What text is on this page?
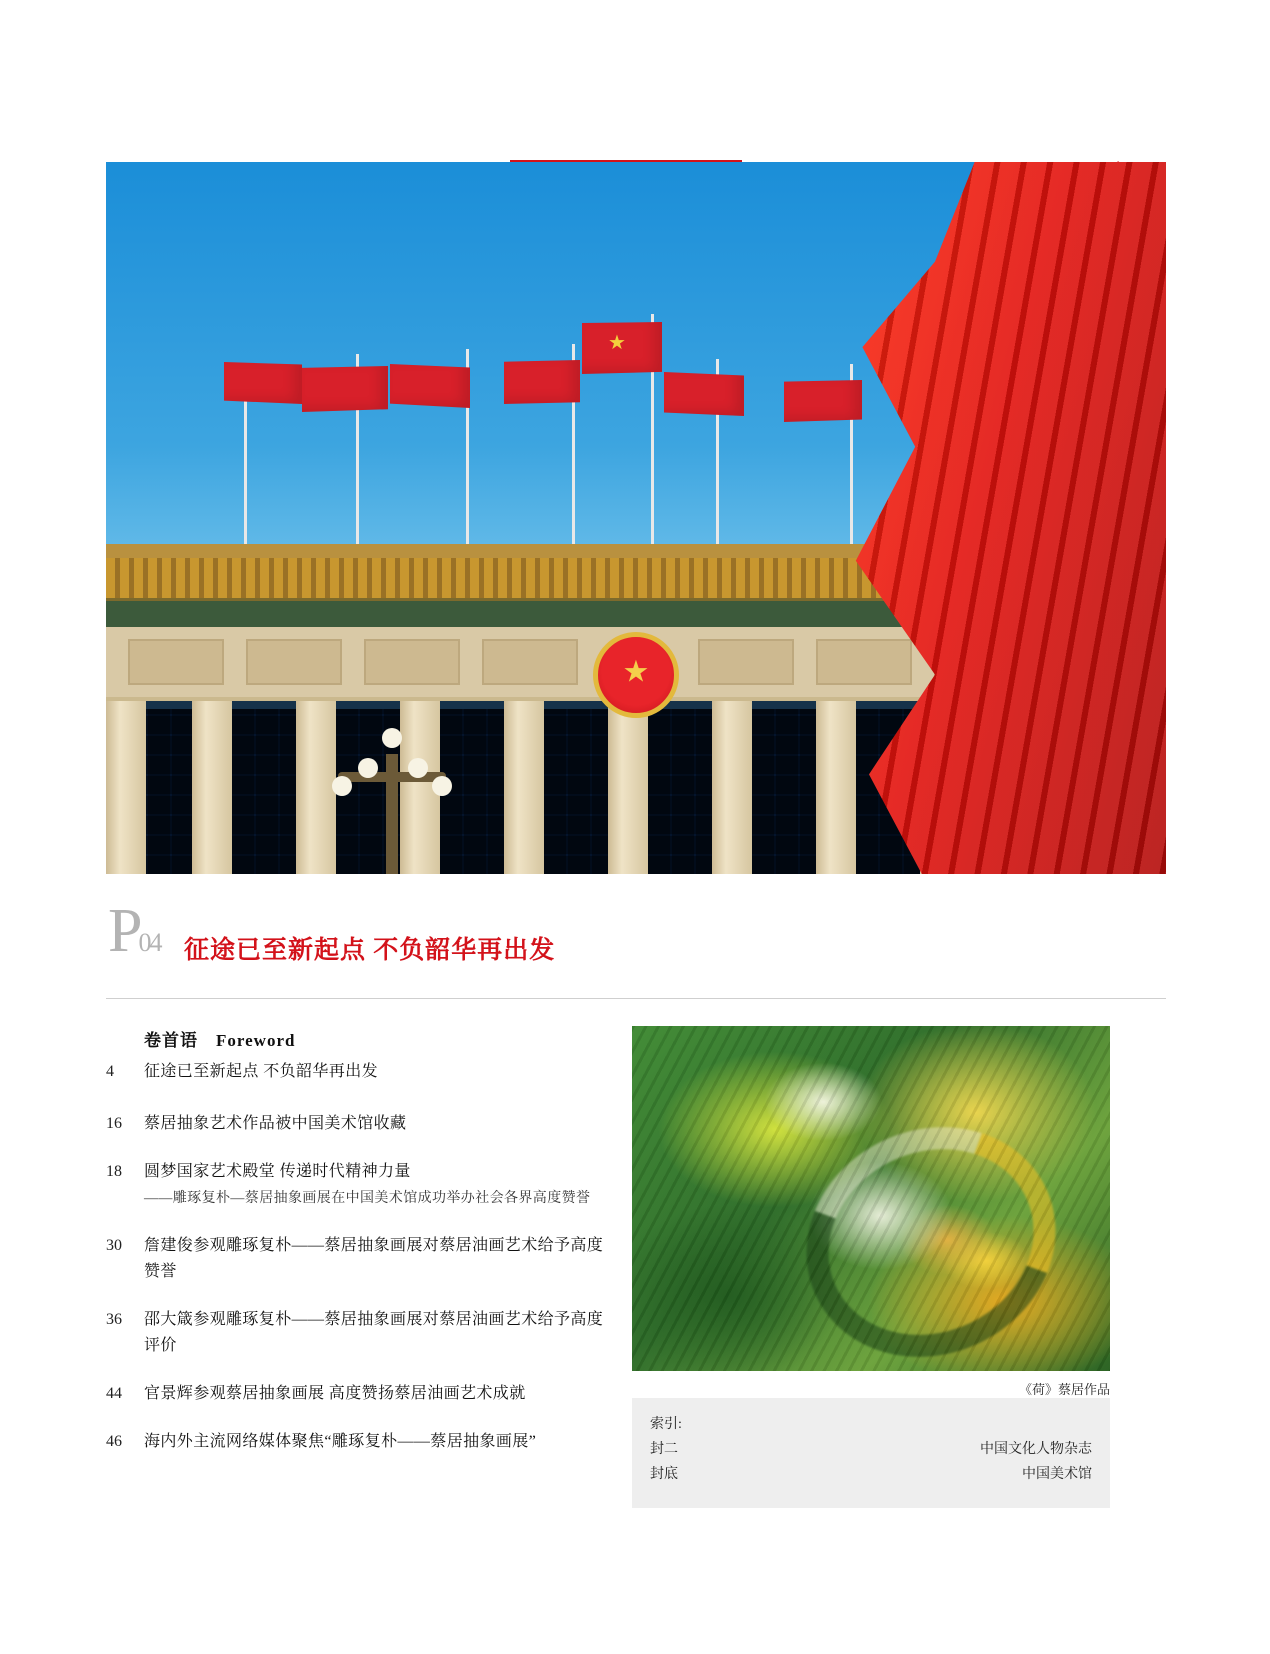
★
★
P04 征途已至新起点 不负韶华再出发
卷首语　Foreword
4	征途已至新起点 不负韶华再出发
16	蔡居抽象艺术作品被中国美术馆收藏
18	圆梦国家艺术殿堂 传递时代精神力量
——雕琢复朴—蔡居抽象画展在中国美术馆成功举办社会各界高度赞誉
30	詹建俊参观雕琢复朴——蔡居抽象画展对蔡居油画艺术给予高度赞誉
36	邵大箴参观雕琢复朴——蔡居抽象画展对蔡居油画艺术给予高度评价
44	官景辉参观蔡居抽象画展 高度赞扬蔡居油画艺术成就
46	海内外主流网络媒体聚焦“雕琢复朴——蔡居抽象画展”
《荷》蔡居作品
索引:
封二	中国文化人物杂志
封底	中国美术馆
